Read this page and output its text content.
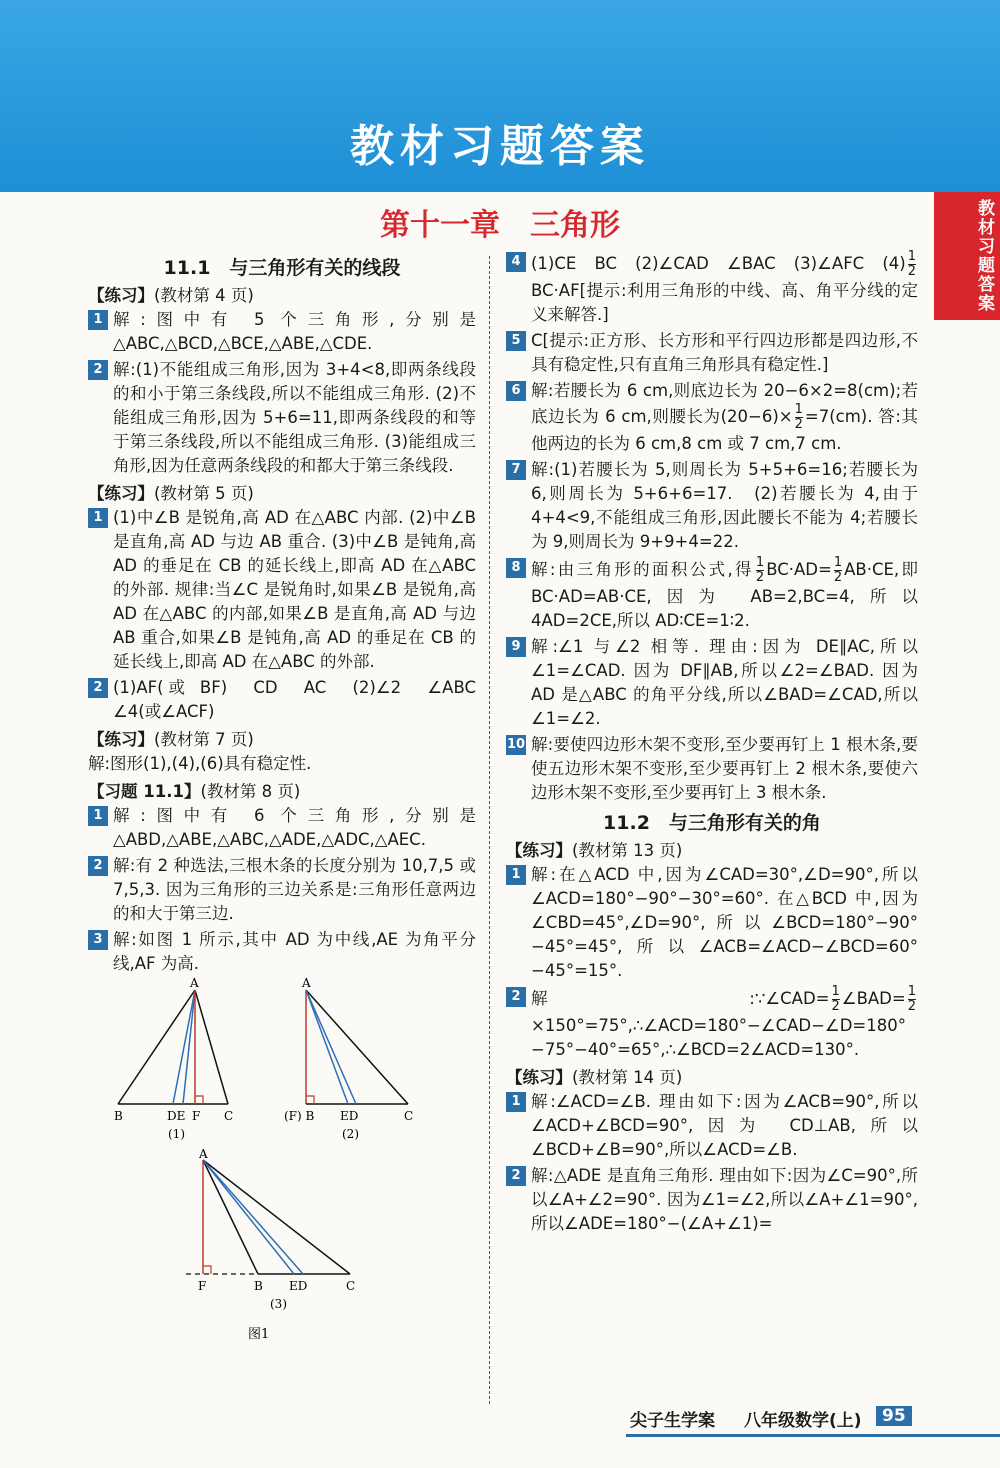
教材习题答案
教材习题答案
第十一章　三角形
11.1　与三角形有关的线段
【练习】(教材第 4 页)
1 解:图中有 5 个三角形,分别是△ABC,△BCD,△BCE,△ABE,△CDE.
2 解:(1)不能组成三角形,因为 3+4<8,即两条线段的和小于第三条线段,所以不能组成三角形. (2)不能组成三角形,因为 5+6=11,即两条线段的和等于第三条线段,所以不能组成三角形. (3)能组成三角形,因为任意两条线段的和都大于第三条线段.
【练习】(教材第 5 页)
1 (1)中∠B 是锐角,高 AD 在△ABC 内部. (2)中∠B 是直角,高 AD 与边 AB 重合. (3)中∠B 是钝角,高 AD 的垂足在 CB 的延长线上,即高 AD 在△ABC 的外部. 规律:当∠C 是锐角时,如果∠B 是锐角,高 AD 在△ABC 的内部,如果∠B 是直角,高 AD 与边 AB 重合,如果∠B 是钝角,高 AD 的垂足在 CB 的延长线上,即高 AD 在△ABC 的外部.
2 (1)AF(或 BF)　CD　AC　(2)∠2　∠ABC　∠4(或∠ACF)
【练习】(教材第 7 页)
解:图形(1),(4),(6)具有稳定性.
【习题 11.1】(教材第 8 页)
1 解:图中有 6 个三角形,分别是△ABD,△ABE,△ABC,△ADE,△ADC,△AEC.
2 解:有 2 种选法,三根木条的长度分别为 10,7,5 或 7,5,3. 因为三角形的三边关系是:三角形任意两边的和大于第三边.
3 解:如图 1 所示,其中 AD 为中线,AE 为角平分线,AF 为高.
A
B	DE F C
(1)
A
(F) B ED	C
(2)
A
F	B ED	C
(3)
图1
4 (1)CE　BC　(2)∠CAD　∠BAC　(3)∠AFC　$(4) \frac{1}{2}$
BC·AF[提示:利用三角形的中线、高、角平分线的定义来解答.]
5 C[提示:正方形、长方形和平行四边形都是四边形,不具有稳定性,只有直角三角形具有稳定性.]
6 解:若腰长为 6 cm,则底边长为 20−6×2=8(cm);若底边长为 6 cm,则腰长为$(20-6)\times \frac{1}{2} =7(cm)$. 答:其他两边的长为 6 cm,8 cm 或 7 cm,7 cm.
7 解:(1)若腰长为 5,则周长为 5+5+6=16;若腰长为 6,则周长为 5+6+6=17.　(2)若腰长为 4,由于 4+4<9,不能组成三角形,因此腰长不能为 4;若腰长为 9,则周长为 9+9+4=22.
8 解:由三角形的面积公式,得 $\frac{1}{2} BC\cdot AD= \frac{1}{2} AB\cdot CE$,即 BC·AD=AB·CE,因为 AB=2,BC=4,所以 4AD=2CE,所以 AD∶CE=1∶2.
9 解:∠1 与∠2 相等. 理由:因为 DE∥AC,所以∠1=∠CAD. 因为 DF∥AB,所以∠2=∠BAD. 因为 AD 是△ABC 的角平分线,所以∠BAD=∠CAD,所以∠1=∠2.
10 解:要使四边形木架不变形,至少要再钉上 1 根木条,要使五边形木架不变形,至少要再钉上 2 根木条,要使六边形木架不变形,至少要再钉上 3 根木条.
11.2　与三角形有关的角
【练习】(教材第 13 页)
1 解:在△ACD 中,因为∠CAD=30°,∠D=90°,所以∠ACD=180°−90°−30°=60°. 在△BCD 中,因为∠CBD=45°,∠D=90°,所以∠BCD=180°−90°−45°=45°,所以∠ACB=∠ACD−∠BCD=60°−45°=15°.
2 解:∵∠CAD= $\frac{1}{2}$ ∠BAD= $\frac{1}{2}$
×150°=75°,∴∠ACD=180°−∠CAD−∠D=180°−75°−40°=65°,∴∠BCD=2∠ACD=130°.
【练习】(教材第 14 页)
1 解:∠ACD=∠B. 理由如下:因为∠ACB=90°,所以∠ACD+∠BCD=90°,因为 CD⊥AB,所以∠BCD+∠B=90°,所以∠ACD=∠B.
2 解:△ADE 是直角三角形. 理由如下:因为∠C=90°,所以∠A+∠2=90°. 因为∠1=∠2,所以∠A+∠1=90°,所以∠ADE=180°−(∠A+∠1)=
尖子生学案 八年级数学(上)	95
